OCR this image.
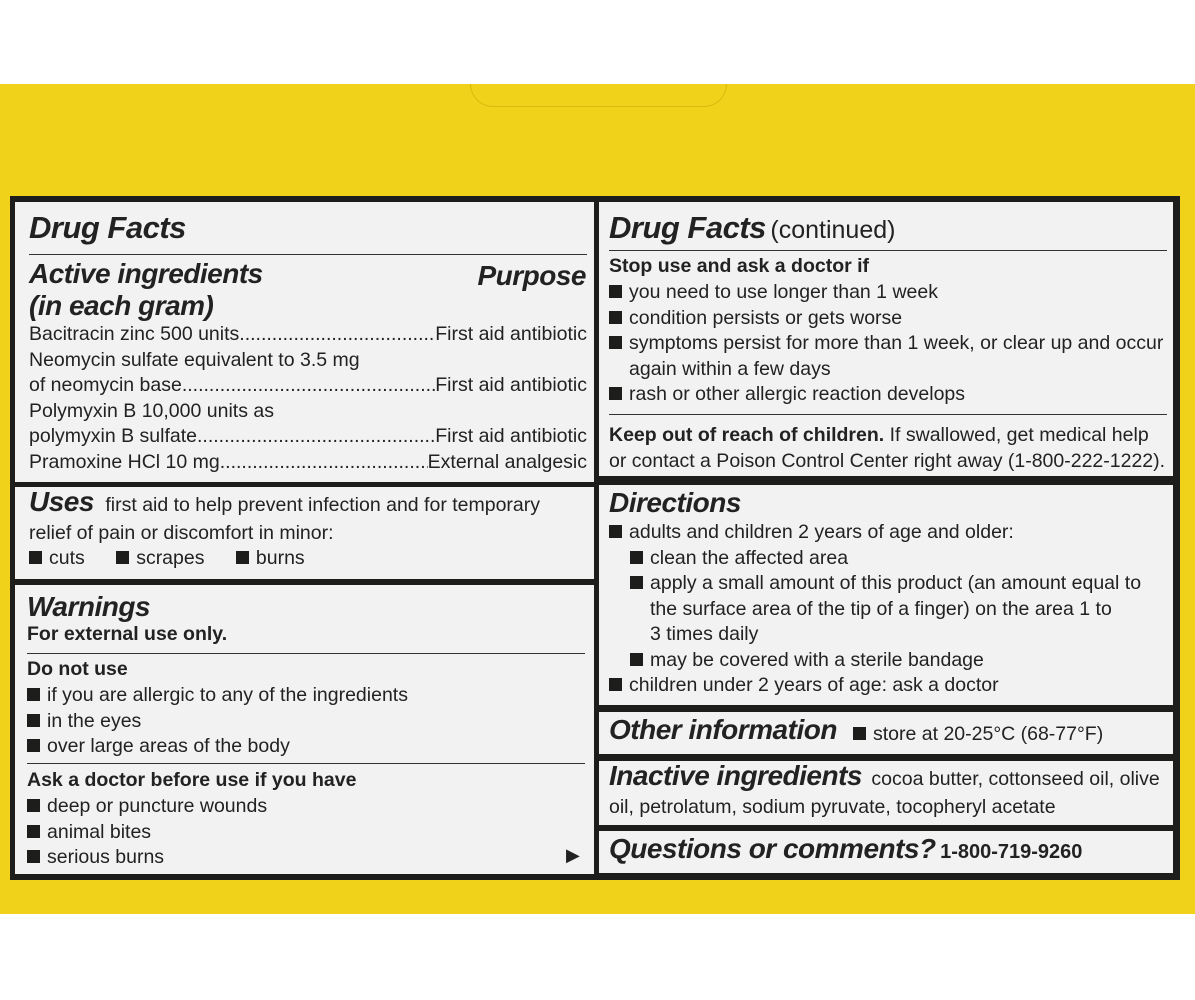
Drug Facts
Active ingredients
(in each gram)
Purpose
Bacitracin zinc 500 units .....	First aid antibiotic
Neomycin sulfate equivalent to 3.5 mg
of neomycin base .....	First aid antibiotic
Polymyxin B 10,000 units as
polymyxin B sulfate .....	First aid antibiotic
Pramoxine HCl 10 mg .....	External analgesic
Uses first aid to help prevent infection and for temporary
relief of pain or discomfort in minor:
cuts	scrapes	burns
Warnings
For external use only.
Do not use
if you are allergic to any of the ingredients
in the eyes
over large areas of the body
Ask a doctor before use if you have
deep or puncture wounds
animal bites
serious burns	▶
Drug Facts (continued)
Stop use and ask a doctor if
you need to use longer than 1 week
condition persists or gets worse
symptoms persist for more than 1 week, or clear up and occur
again within a few days
rash or other allergic reaction develops
Keep out of reach of children. If swallowed, get medical help
or contact a Poison Control Center right away (1-800-222-1222).
Directions
adults and children 2 years of age and older:
clean the affected area
apply a small amount of this product (an amount equal to
the surface area of the tip of a finger) on the area 1 to
3 times daily
may be covered with a sterile bandage
children under 2 years of age: ask a doctor
Other information	store at 20-25°C (68-77°F)
Inactive ingredients cocoa butter, cottonseed oil, olive
oil, petrolatum, sodium pyruvate, tocopheryl acetate
Questions or comments? 1-800-719-9260
